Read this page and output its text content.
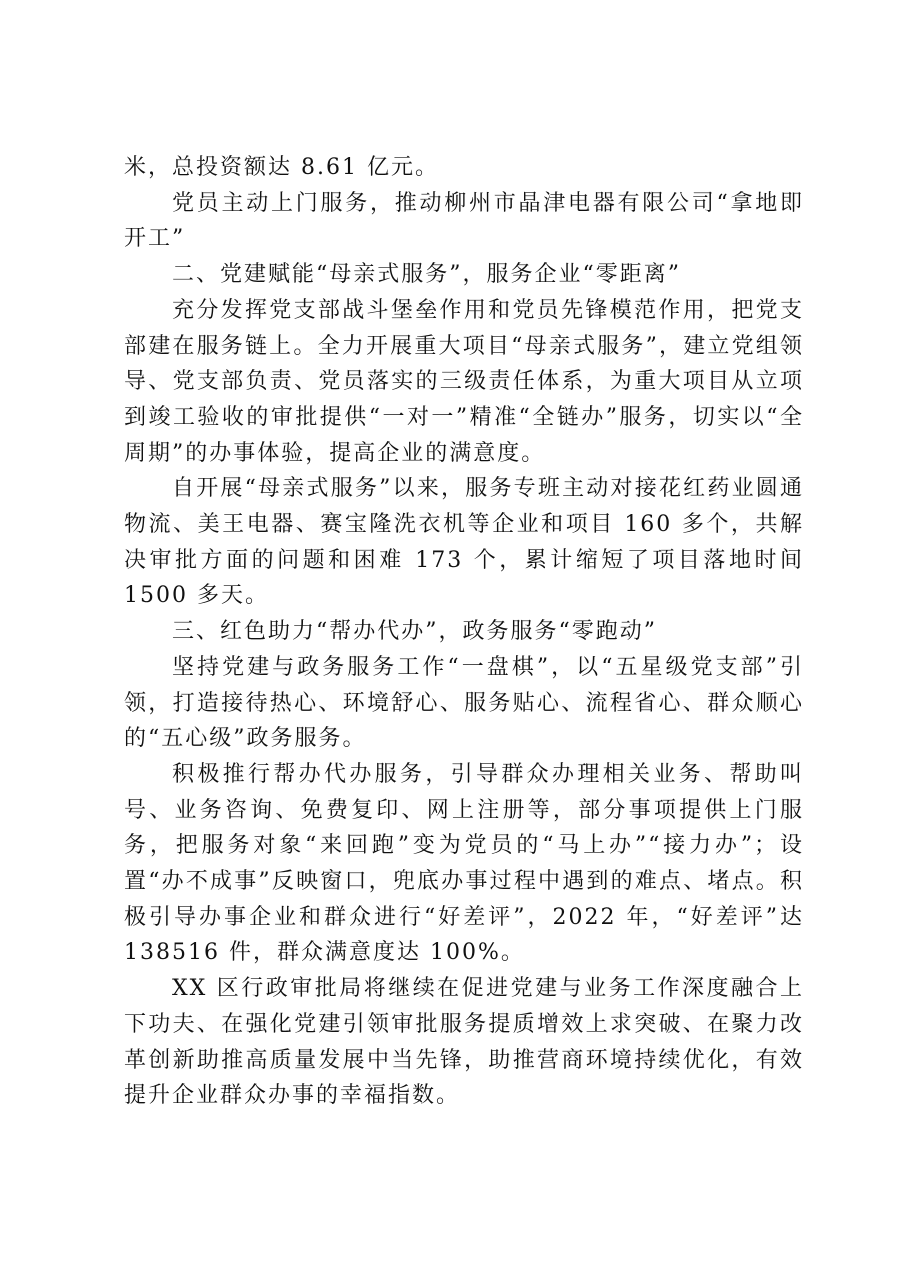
米，总投资额达 8.61 亿元。

党员主动上门服务，推动柳州市晶津电器有限公司“拿地即开工”

二、党建赋能“母亲式服务”，服务企业“零距离”

充分发挥党支部战斗堡垒作用和党员先锋模范作用，把党支部建在服务链上。全力开展重大项目“母亲式服务”，建立党组领导、党支部负责、党员落实的三级责任体系，为重大项目从立项到竣工验收的审批提供“一对一”精准“全链办”服务，切实以“全周期”的办事体验，提高企业的满意度。

自开展“母亲式服务”以来，服务专班主动对接花红药业圆通物流、美王电器、赛宝隆洗衣机等企业和项目 160 多个，共解决审批方面的问题和困难 173 个，累计缩短了项目落地时间 1500 多天。

三、红色助力“帮办代办”，政务服务“零跑动”

坚持党建与政务服务工作“一盘棋”，以“五星级党支部”引领，打造接待热心、环境舒心、服务贴心、流程省心、群众顺心的“五心级”政务服务。

积极推行帮办代办服务，引导群众办理相关业务、帮助叫号、业务咨询、免费复印、网上注册等，部分事项提供上门服务，把服务对象“来回跑”变为党员的“马上办”“接力办”；设置“办不成事”反映窗口，兜底办事过程中遇到的难点、堵点。积极引导办事企业和群众进行“好差评”，2022 年，“好差评”达 138516 件，群众满意度达 100%。

XX 区行政审批局将继续在促进党建与业务工作深度融合上下功夫、在强化党建引领审批服务提质增效上求突破、在聚力改革创新助推高质量发展中当先锋，助推营商环境持续优化，有效提升企业群众办事的幸福指数。
